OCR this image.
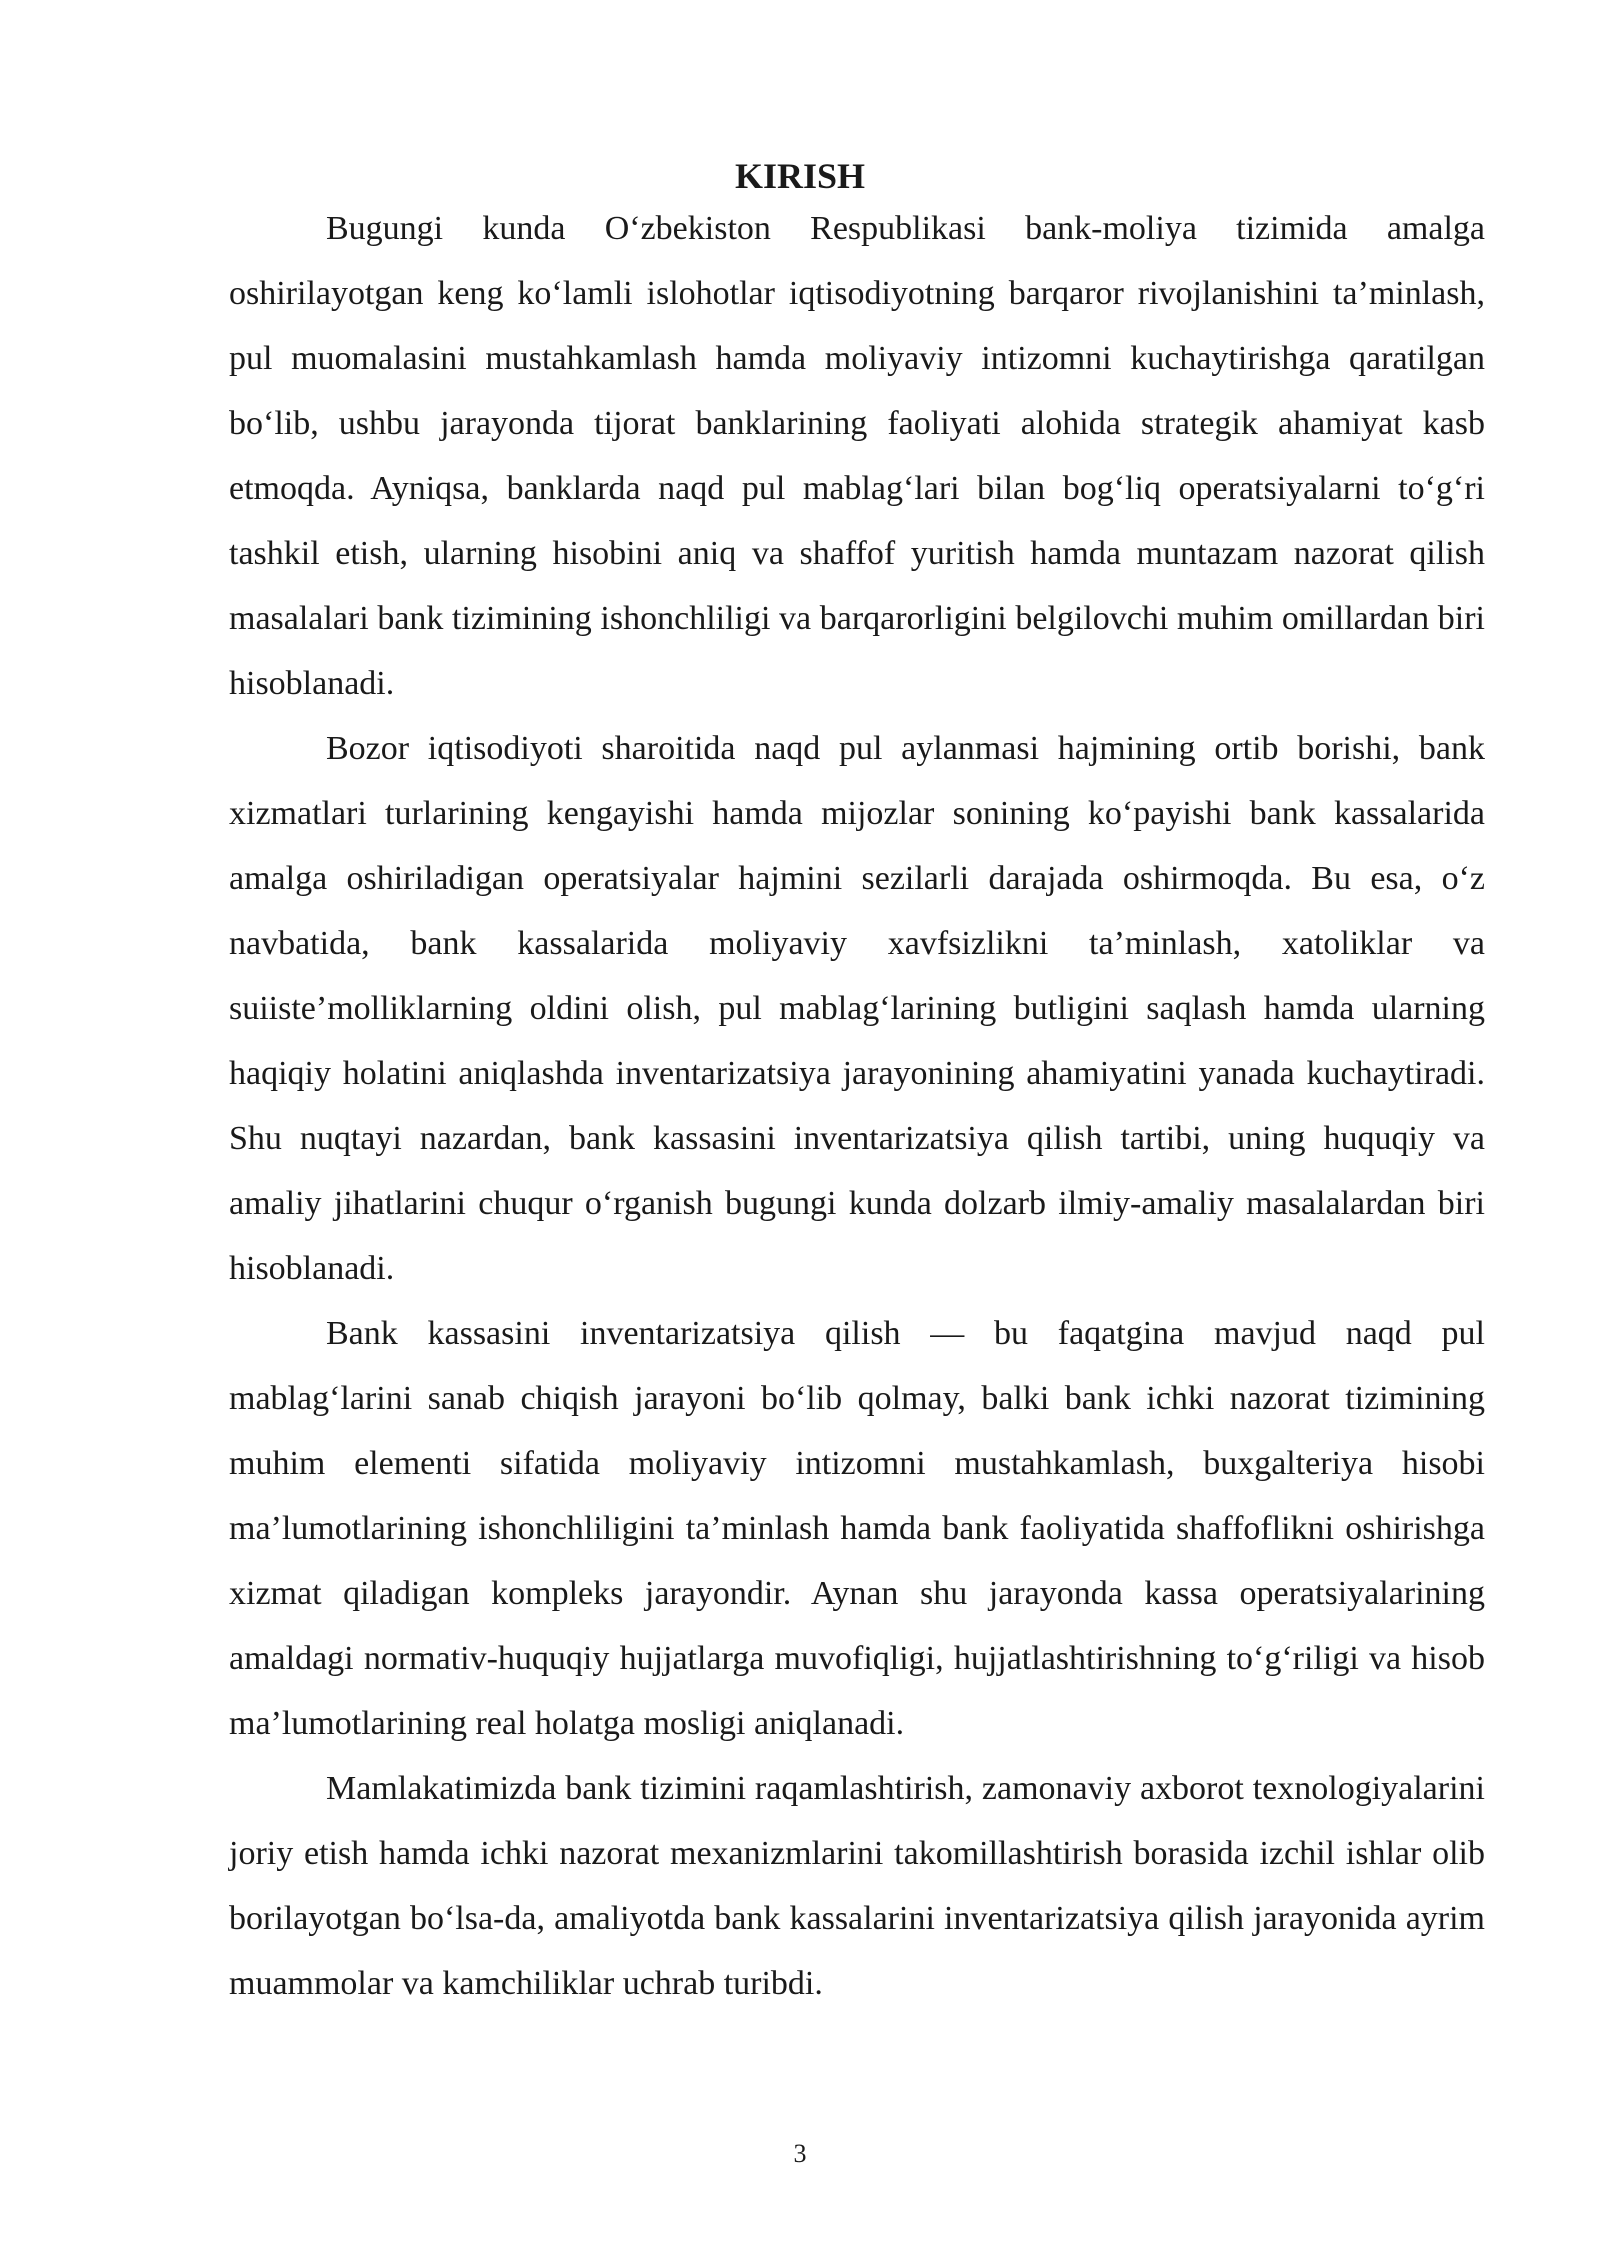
KIRISH

Bugungi kunda O‘zbekiston Respublikasi bank-moliya tizimida amalga oshirilayotgan keng ko‘lamli islohotlar iqtisodiyotning barqaror rivojlanishini ta’minlash, pul muomalasini mustahkamlash hamda moliyaviy intizomni kuchaytirishga qaratilgan bo‘lib, ushbu jarayonda tijorat banklarining faoliyati alohida strategik ahamiyat kasb etmoqda. Ayniqsa, banklarda naqd pul mablag‘lari bilan bog‘liq operatsiyalarni to‘g‘ri tashkil etish, ularning hisobini aniq va shaffof yuritish hamda muntazam nazorat qilish masalalari bank tizimining ishonchliligi va barqarorligini belgilovchi muhim omillardan biri hisoblanadi.

Bozor iqtisodiyoti sharoitida naqd pul aylanmasi hajmining ortib borishi, bank xizmatlari turlarining kengayishi hamda mijozlar sonining ko‘payishi bank kassalarida amalga oshiriladigan operatsiyalar hajmini sezilarli darajada oshirmoqda. Bu esa, o‘z navbatida, bank kassalarida moliyaviy xavfsizlikni ta’minlash, xatoliklar va suiiste’molliklarning oldini olish, pul mablag‘larining butligini saqlash hamda ularning haqiqiy holatini aniqlashda inventarizatsiya jarayonining ahamiyatini yanada kuchaytiradi. Shu nuqtayi nazardan, bank kassasini inventarizatsiya qilish tartibi, uning huquqiy va amaliy jihatlarini chuqur o‘rganish bugungi kunda dolzarb ilmiy-amaliy masalalardan biri hisoblanadi.

Bank kassasini inventarizatsiya qilish — bu faqatgina mavjud naqd pul mablag‘larini sanab chiqish jarayoni bo‘lib qolmay, balki bank ichki nazorat tizimining muhim elementi sifatida moliyaviy intizomni mustahkamlash, buxgalteriya hisobi ma’lumotlarining ishonchliligini ta’minlash hamda bank faoliyatida shaffoflikni oshirishga xizmat qiladigan kompleks jarayondir. Aynan shu jarayonda kassa operatsiyalarining amaldagi normativ-huquqiy hujjatlarga muvofiqligi, hujjatlashtirishning to‘g‘riligi va hisob ma’lumotlarining real holatga mosligi aniqlanadi.

Mamlakatimizda bank tizimini raqamlashtirish, zamonaviy axborot texnologiyalarini joriy etish hamda ichki nazorat mexanizmlarini takomillashtirish borasida izchil ishlar olib borilayotgan bo‘lsa-da, amaliyotda bank kassalarini inventarizatsiya qilish jarayonida ayrim muammolar va kamchiliklar uchrab turibdi.

3
